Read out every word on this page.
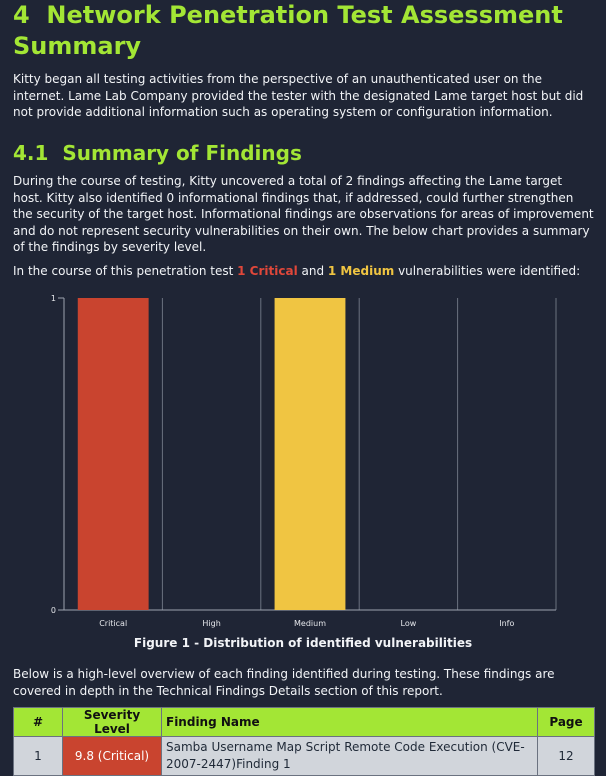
4 Network Penetration Test Assessment Summary

Kitty began all testing activities from the perspective of an unauthenticated user on the internet. Lame Lab Company provided the tester with the designated Lame target host but did not provide additional information such as operating system or configuration information.

4.1 Summary of Findings

During the course of testing, Kitty uncovered a total of 2 findings affecting the Lame target host. Kitty also identified 0 informational findings that, if addressed, could further strengthen the security of the target host. Informational findings are observations for areas of improvement and do not represent security vulnerabilities on their own. The below chart provides a summary of the findings by severity level.

In the course of this penetration test 1 Critical and 1 Medium vulnerabilities were identified:

0
1
Critical	High	Medium	Low	Info
Figure 1 - Distribution of identified vulnerabilities

Below is a high-level overview of each finding identified during testing. These findings are covered in depth in the Technical Findings Details section of this report.

#	Severity Level	Finding Name	Page
1	9.8 (Critical)	Samba Username Map Script Remote Code Execution (CVE-2007-2447)Finding 1	12
